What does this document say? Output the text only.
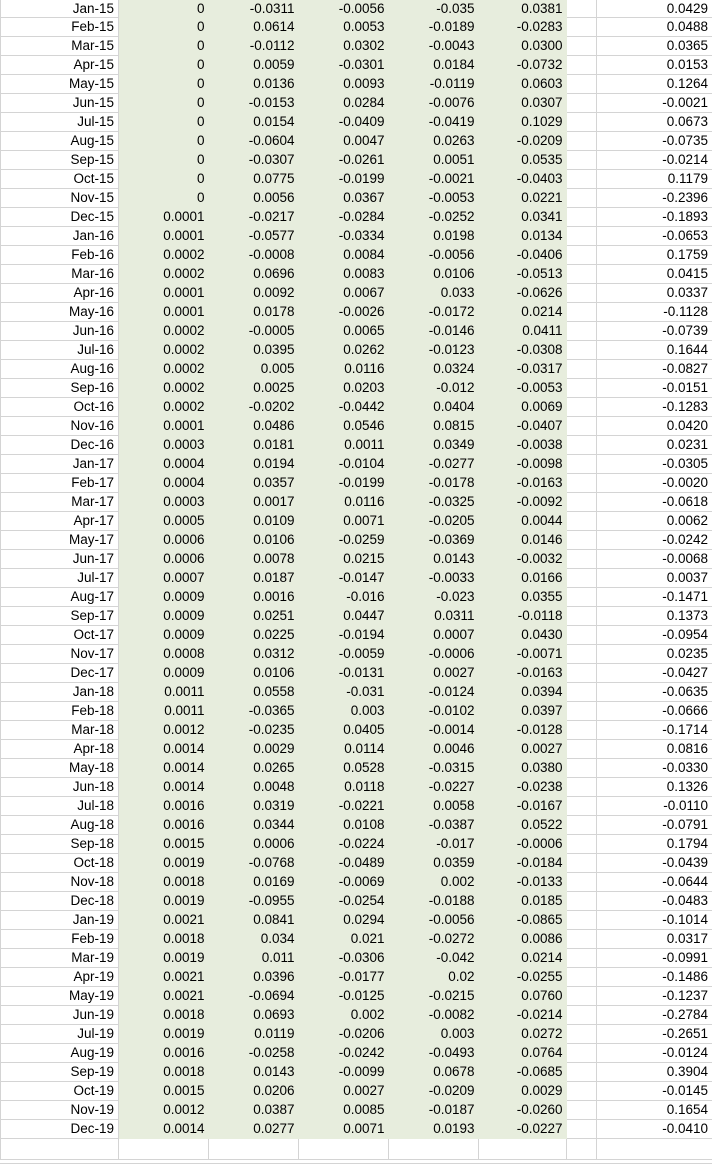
Jan-15	0	-0.0311	-0.0056	-0.035	0.0381		0.0429
Feb-15	0	0.0614	0.0053	-0.0189	-0.0283		0.0488
Mar-15	0	-0.0112	0.0302	-0.0043	0.0300		0.0365
Apr-15	0	0.0059	-0.0301	0.0184	-0.0732		0.0153
May-15	0	0.0136	0.0093	-0.0119	0.0603		0.1264
Jun-15	0	-0.0153	0.0284	-0.0076	0.0307		-0.0021
Jul-15	0	0.0154	-0.0409	-0.0419	0.1029		0.0673
Aug-15	0	-0.0604	0.0047	0.0263	-0.0209		-0.0735
Sep-15	0	-0.0307	-0.0261	0.0051	0.0535		-0.0214
Oct-15	0	0.0775	-0.0199	-0.0021	-0.0403		0.1179
Nov-15	0	0.0056	0.0367	-0.0053	0.0221		-0.2396
Dec-15	0.0001	-0.0217	-0.0284	-0.0252	0.0341		-0.1893
Jan-16	0.0001	-0.0577	-0.0334	0.0198	0.0134		-0.0653
Feb-16	0.0002	-0.0008	0.0084	-0.0056	-0.0406		0.1759
Mar-16	0.0002	0.0696	0.0083	0.0106	-0.0513		0.0415
Apr-16	0.0001	0.0092	0.0067	0.033	-0.0626		0.0337
May-16	0.0001	0.0178	-0.0026	-0.0172	0.0214		-0.1128
Jun-16	0.0002	-0.0005	0.0065	-0.0146	0.0411		-0.0739
Jul-16	0.0002	0.0395	0.0262	-0.0123	-0.0308		0.1644
Aug-16	0.0002	0.005	0.0116	0.0324	-0.0317		-0.0827
Sep-16	0.0002	0.0025	0.0203	-0.012	-0.0053		-0.0151
Oct-16	0.0002	-0.0202	-0.0442	0.0404	0.0069		-0.1283
Nov-16	0.0001	0.0486	0.0546	0.0815	-0.0407		0.0420
Dec-16	0.0003	0.0181	0.0011	0.0349	-0.0038		0.0231
Jan-17	0.0004	0.0194	-0.0104	-0.0277	-0.0098		-0.0305
Feb-17	0.0004	0.0357	-0.0199	-0.0178	-0.0163		-0.0020
Mar-17	0.0003	0.0017	0.0116	-0.0325	-0.0092		-0.0618
Apr-17	0.0005	0.0109	0.0071	-0.0205	0.0044		0.0062
May-17	0.0006	0.0106	-0.0259	-0.0369	0.0146		-0.0242
Jun-17	0.0006	0.0078	0.0215	0.0143	-0.0032		-0.0068
Jul-17	0.0007	0.0187	-0.0147	-0.0033	0.0166		0.0037
Aug-17	0.0009	0.0016	-0.016	-0.023	0.0355		-0.1471
Sep-17	0.0009	0.0251	0.0447	0.0311	-0.0118		0.1373
Oct-17	0.0009	0.0225	-0.0194	0.0007	0.0430		-0.0954
Nov-17	0.0008	0.0312	-0.0059	-0.0006	-0.0071		0.0235
Dec-17	0.0009	0.0106	-0.0131	0.0027	-0.0163		-0.0427
Jan-18	0.0011	0.0558	-0.031	-0.0124	0.0394		-0.0635
Feb-18	0.0011	-0.0365	0.003	-0.0102	0.0397		-0.0666
Mar-18	0.0012	-0.0235	0.0405	-0.0014	-0.0128		-0.1714
Apr-18	0.0014	0.0029	0.0114	0.0046	0.0027		0.0816
May-18	0.0014	0.0265	0.0528	-0.0315	0.0380		-0.0330
Jun-18	0.0014	0.0048	0.0118	-0.0227	-0.0238		0.1326
Jul-18	0.0016	0.0319	-0.0221	0.0058	-0.0167		-0.0110
Aug-18	0.0016	0.0344	0.0108	-0.0387	0.0522		-0.0791
Sep-18	0.0015	0.0006	-0.0224	-0.017	-0.0006		0.1794
Oct-18	0.0019	-0.0768	-0.0489	0.0359	-0.0184		-0.0439
Nov-18	0.0018	0.0169	-0.0069	0.002	-0.0133		-0.0644
Dec-18	0.0019	-0.0955	-0.0254	-0.0188	0.0185		-0.0483
Jan-19	0.0021	0.0841	0.0294	-0.0056	-0.0865		-0.1014
Feb-19	0.0018	0.034	0.021	-0.0272	0.0086		0.0317
Mar-19	0.0019	0.011	-0.0306	-0.042	0.0214		-0.0991
Apr-19	0.0021	0.0396	-0.0177	0.02	-0.0255		-0.1486
May-19	0.0021	-0.0694	-0.0125	-0.0215	0.0760		-0.1237
Jun-19	0.0018	0.0693	0.002	-0.0082	-0.0214		-0.2784
Jul-19	0.0019	0.0119	-0.0206	0.003	0.0272		-0.2651
Aug-19	0.0016	-0.0258	-0.0242	-0.0493	0.0764		-0.0124
Sep-19	0.0018	0.0143	-0.0099	0.0678	-0.0685		0.3904
Oct-19	0.0015	0.0206	0.0027	-0.0209	0.0029		-0.0145
Nov-19	0.0012	0.0387	0.0085	-0.0187	-0.0260		0.1654
Dec-19	0.0014	0.0277	0.0071	0.0193	-0.0227		-0.0410
